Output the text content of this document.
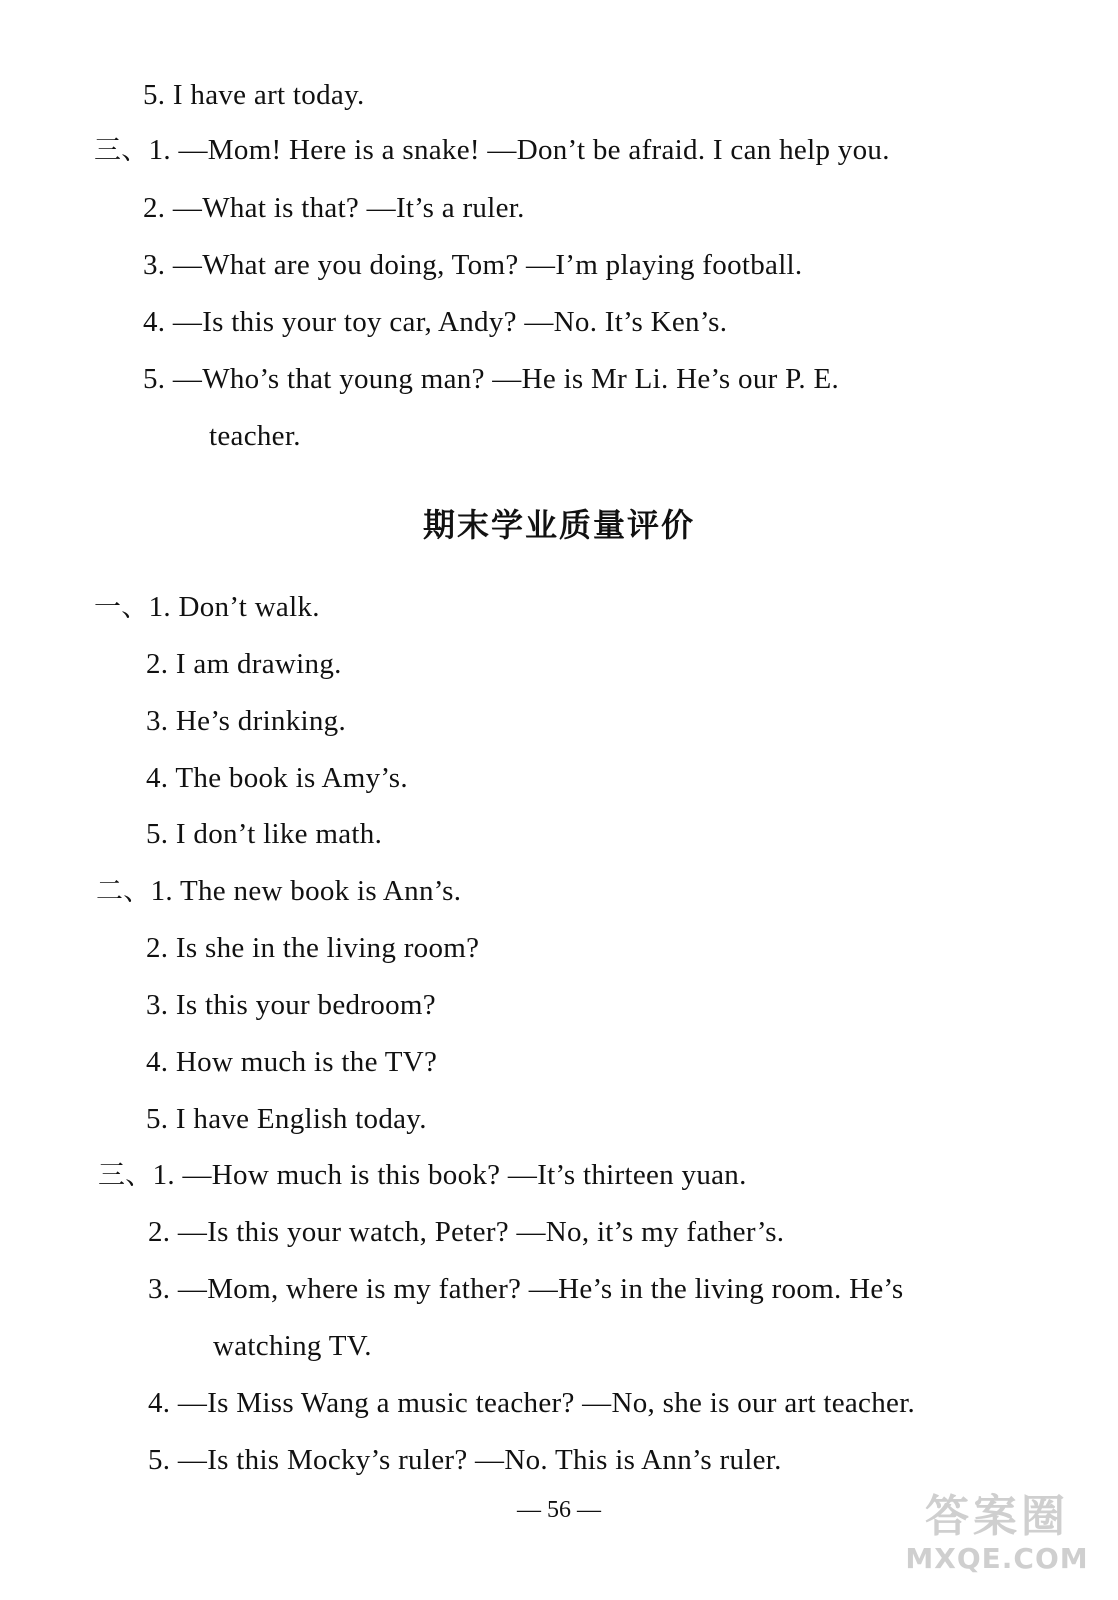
5. I have art today.
三、1. —Mom! Here is a snake! —Don’t be afraid. I can help you.
2. —What is that? —It’s a ruler.
3. —What are you doing, Tom? —I’m playing football.
4. —Is this your toy car, Andy? —No. It’s Ken’s.
5. —Who’s that young man? —He is Mr Li. He’s our P. E.
teacher.
期末学业质量评价
一、1. Don’t walk.
2. I am drawing.
3. He’s drinking.
4. The book is Amy’s.
5. I don’t like math.
二、1. The new book is Ann’s.
2. Is she in the living room?
3. Is this your bedroom?
4. How much is the TV?
5. I have English today.
三、1. —How much is this book? —It’s thirteen yuan.
2. —Is this your watch, Peter? —No, it’s my father’s.
3. —Mom, where is my father? —He’s in the living room. He’s
watching TV.
4. —Is Miss Wang a music teacher? —No, she is our art teacher.
5. —Is this Mocky’s ruler? —No. This is Ann’s ruler.
— 56 —	答案圈
MXQE.COM
